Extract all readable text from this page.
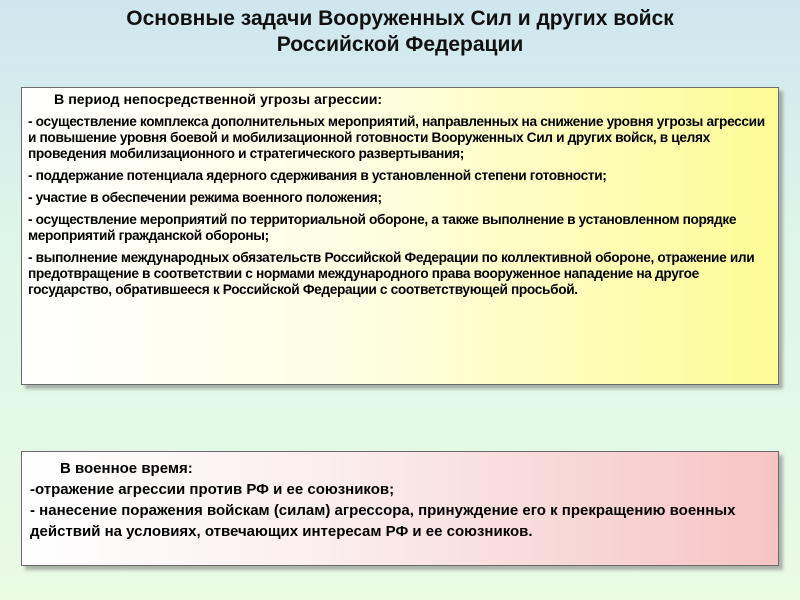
Основные задачи Вооруженных Сил и других войск Российской Федерации
В период непосредственной угрозы агрессии:
- осуществление комплекса дополнительных мероприятий, направленных на снижение уровня угрозы агрессии и повышение уровня боевой и мобилизационной готовности Вооруженных Сил и других войск, в целях проведения мобилизационного и стратегического развертывания;
- поддержание потенциала ядерного сдерживания в установленной степени готовности;
- участие в обеспечении режима военного положения;
- осуществление мероприятий по территориальной обороне, а также выполнение в установленном порядке мероприятий гражданской обороны;
- выполнение международных обязательств Российской Федерации по коллективной обороне, отражение или предотвращение в соответствии с нормами международного права вооруженное нападение на другое государство, обратившееся к Российской Федерации с соответствующей просьбой.
В военное время:
-отражение агрессии против РФ и ее союзников;
- нанесение поражения войскам (силам) агрессора, принуждение его к прекращению военных действий на условиях, отвечающих интересам РФ и ее союзников.
